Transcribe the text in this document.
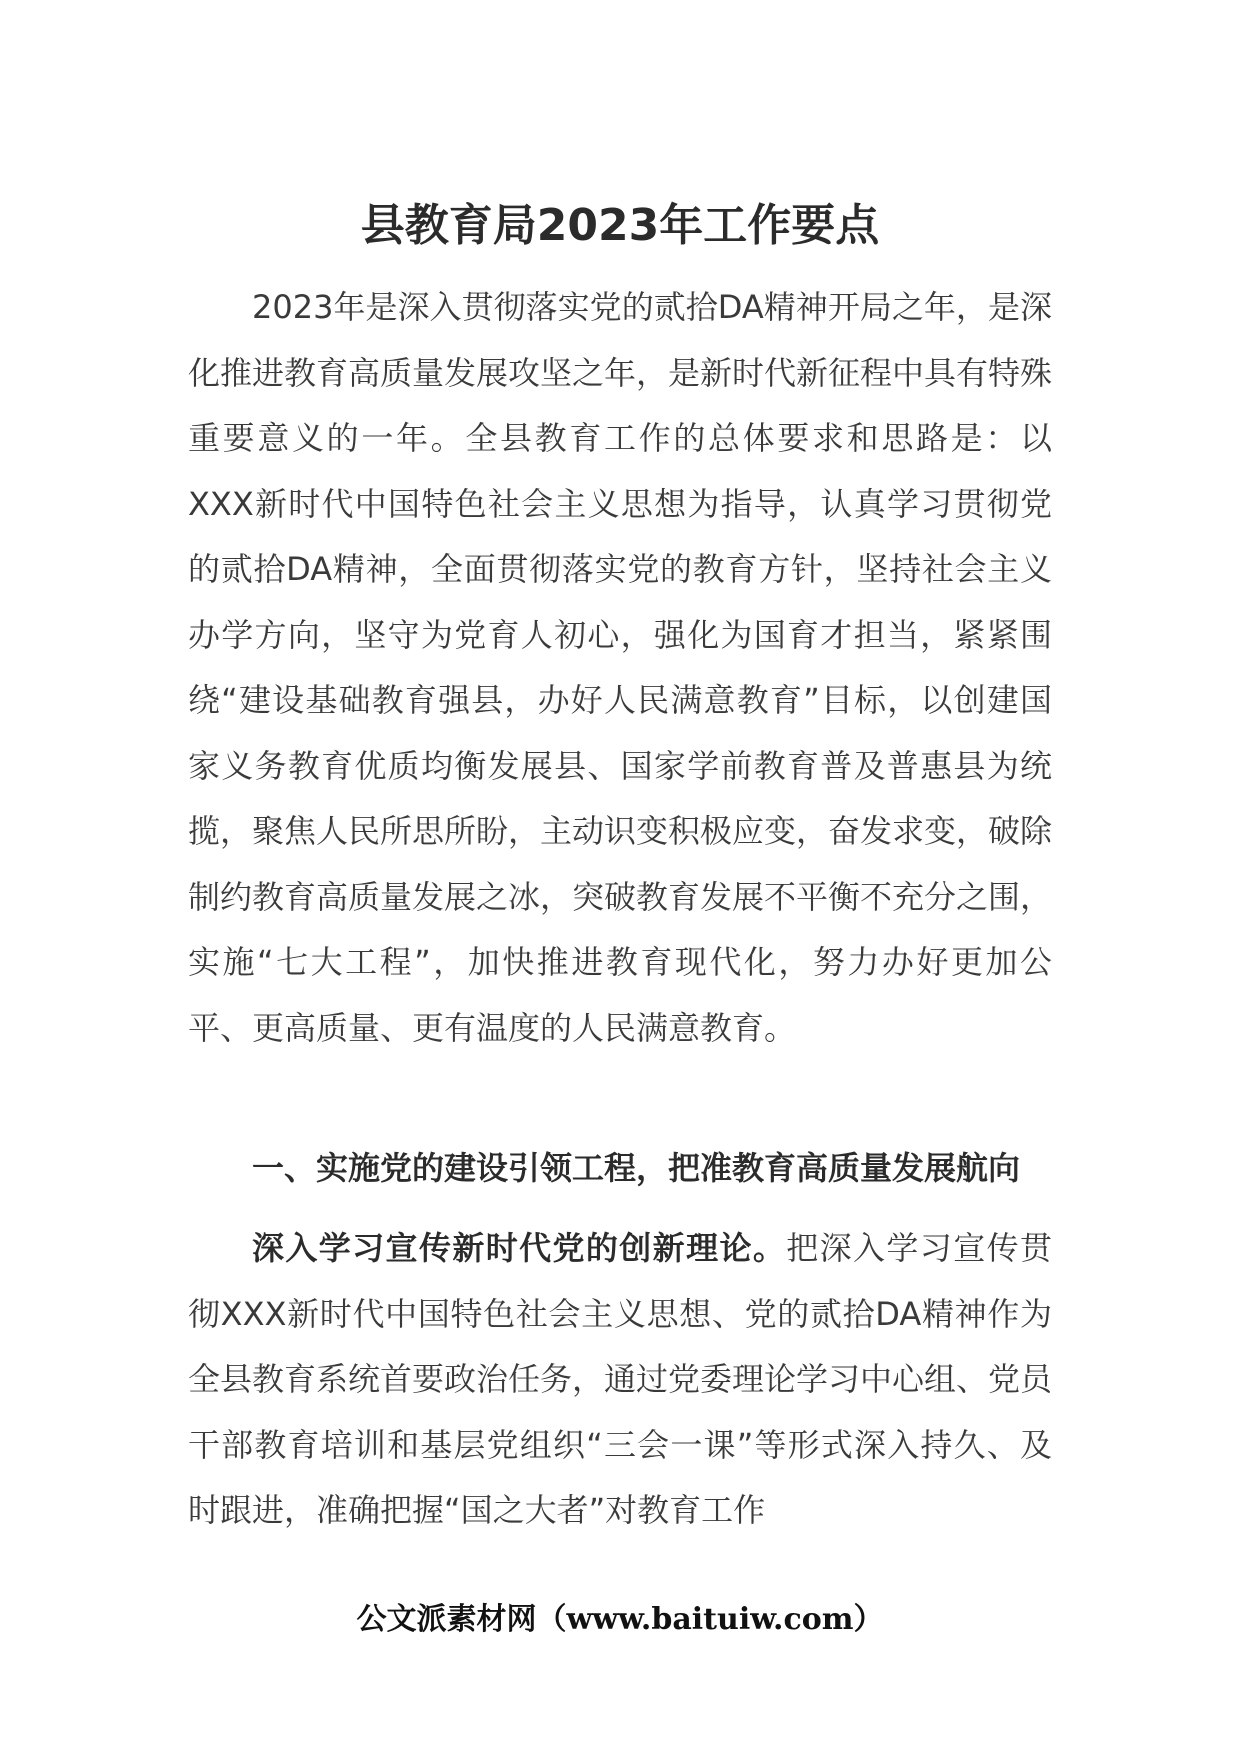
县教育局2023年工作要点

2023年是深入贯彻落实党的贰拾DA精神开局之年，是深化推进教育高质量发展攻坚之年，是新时代新征程中具有特殊重要意义的一年。全县教育工作的总体要求和思路是：以XXX新时代中国特色社会主义思想为指导，认真学习贯彻党的贰拾DA精神，全面贯彻落实党的教育方针，坚持社会主义办学方向，坚守为党育人初心，强化为国育才担当，紧紧围绕“建设基础教育强县，办好人民满意教育”目标，以创建国家义务教育优质均衡发展县、国家学前教育普及普惠县为统揽，聚焦人民所思所盼，主动识变积极应变，奋发求变，破除制约教育高质量发展之冰，突破教育发展不平衡不充分之围，实施“七大工程”，加快推进教育现代化，努力办好更加公平、更高质量、更有温度的人民满意教育。

一、实施党的建设引领工程，把准教育高质量发展航向

深入学习宣传新时代党的创新理论。把深入学习宣传贯彻XXX新时代中国特色社会主义思想、党的贰拾DA精神作为全县教育系统首要政治任务，通过党委理论学习中心组、党员干部教育培训和基层党组织“三会一课”等形式深入持久、及时跟进，准确把握“国之大者”对教育工作

公文派素材网（www.baituiw.com）
